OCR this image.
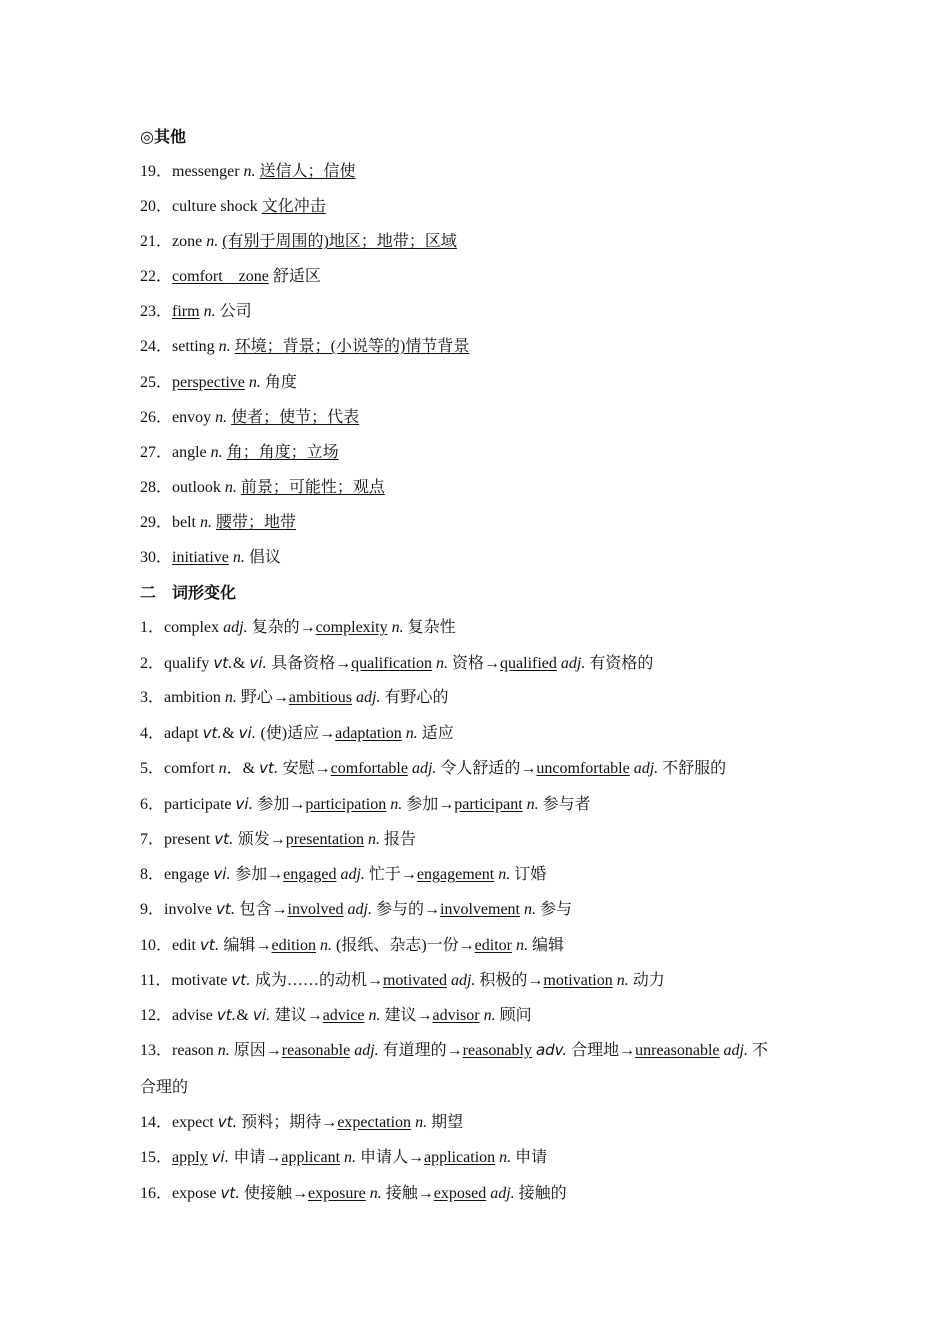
◎其他
19．messenger n. 送信人；信使
20．culture shock 文化冲击
21．zone n. (有别于周围的)地区；地带；区域
22．comfort　zone 舒适区
23．firm n. 公司
24．setting n. 环境；背景；(小说等的)情节背景
25．perspective n. 角度
26．envoy n. 使者；使节；代表
27．angle n. 角；角度；立场
28．outlook n. 前景；可能性；观点
29．belt n. 腰带；地带
30．initiative n. 倡议
二　词形变化
1．complex adj. 复杂的→complexity n. 复杂性
2．qualify vt.& vi. 具备资格→qualification n. 资格→qualified adj. 有资格的
3．ambition n. 野心→ambitious adj. 有野心的
4．adapt vt.& vi. (使)适应→adaptation n. 适应
5．comfort n．& vt. 安慰→comfortable adj. 令人舒适的→uncomfortable adj. 不舒服的
6．participate vi. 参加→participation n. 参加→participant n. 参与者
7．present vt. 颁发→presentation n. 报告
8．engage vi. 参加→engaged adj. 忙于→engagement n. 订婚
9．involve vt. 包含→involved adj. 参与的→involvement n. 参与
10．edit vt. 编辑→edition n. (报纸、杂志)一份→editor n. 编辑
11．motivate vt. 成为……的动机→motivated adj. 积极的→motivation n. 动力
12．advise vt.& vi. 建议→advice n. 建议→advisor n. 顾问
13．reason n. 原因→reasonable adj. 有道理的→reasonably adv. 合理地→unreasonable adj. 不
合理的
14．expect vt. 预料；期待→expectation n. 期望
15．apply vi. 申请→applicant n. 申请人→application n. 申请
16．expose vt. 使接触→exposure n. 接触→exposed adj. 接触的
